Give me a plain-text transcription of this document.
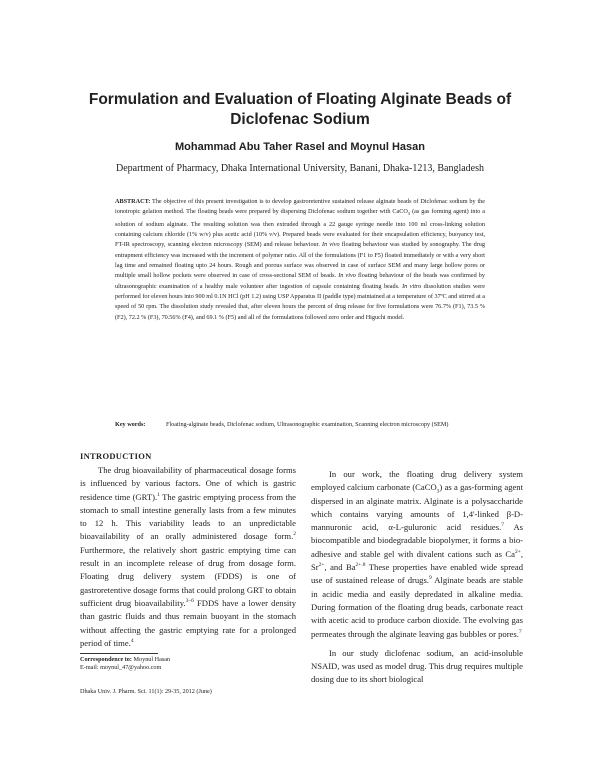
Formulation and Evaluation of Floating Alginate Beads of
Diclofenac Sodium
Mohammad Abu Taher Rasel and Moynul Hasan
Department of Pharmacy, Dhaka International University, Banani, Dhaka-1213, Bangladesh
ABSTRACT: The objective of this present investigation is to develop gastroretentive sustained release alginate beads of Diclofenac sodium by the ionotropic gelation method. The floating beads were prepared by dispersing Diclofenac sodium together with CaCO$_3$ (as gas forming agent) into a solution of sodium alginate. The resulting solution was then extruded through a 22 gauge syringe needle into 100 ml cross-linking solution containing calcium chloride (1% w/v) plus acetic acid (10% v/v). Prepared beads were evaluated for their encapsulation efficiency, buoyancy test, FT-IR spectroscopy, scanning electron microscopy (SEM) and release behaviour. In vivo floating behaviour was studied by sonography. The drug entrapment efficiency was increased with the increment of polymer ratio. All of the formulations (F1 to F5) floated immediately or with a very short lag time and remained floating upto 24 hours. Rough and porous surface was observed in case of surface SEM and many large hollow pores or multiple small hollow pockets were observed in case of cross-sectional SEM of beads. In vivo floating behaviour of the beads was confirmed by ultrasonographic examination of a healthy male volunteer after ingestion of capsule containing floating beads. In vitro dissolution studies were performed for eleven hours into 900 ml 0.1N HCl (pH 1.2) using USP Apparatus II (paddle type) maintained at a temperature of 37ºC and stirred at a speed of 50 rpm. The dissolution study revealed that, after eleven hours the percent of drug release for five formulations were 76.7% (F1), 73.5 % (F2), 72.2 % (F3), 70.56% (F4), and 69.1 % (F5) and all of the formulations followed zero order and Higuchi model.
Key words:	Floating-alginate beads, Diclofenac sodium, Ultrasonographic examination, Scanning electron microscopy (SEM)
INTRODUCTION

The drug bioavailability of pharmaceutical dosage forms is influenced by various factors. One of which is gastric residence time (GRT).$^1$ The gastric emptying process from the stomach to small intestine generally lasts from a few minutes to 12 h. This variability leads to an unpredictable bioavailability of an orally administered dosage form.$^2$ Furthermore, the relatively short gastric emptying time can result in an incomplete release of drug from dosage form. Floating drug delivery system (FDDS) is one of gastroretentive dosage forms that could prolong GRT to obtain sufficient drug bioavailability.$^{3-6}$ FDDS have a lower density than gastric fluids and thus remain buoyant in the stomach without affecting the gastric emptying rate for a prolonged period of time.$^4$

In our work, the floating drug delivery system employed calcium carbonate (CaCO$_3$) as a gas-forming agent dispersed in an alginate matrix. Alginate is a polysaccharide which contains varying amounts of 1,4'-linked β-D-mannuronic acid, α-L-guluronic acid residues.$^7$ As biocompatible and biodegradable biopolymer, it forms a bio-adhesive and stable gel with divalent cations such as $Ca^{2+}$, $Sr^{2+}$, and $Ba^{2+.8}$ These properties have enabled wide spread use of sustained release of drugs.$^9$ Alginate beads are stable in acidic media and easily depredated in alkaline media. During formation of the floating drug beads, carbonate react with acetic acid to produce carbon dioxide. The evolving gas permeates through the alginate leaving gas bubbles or pores.$^7$

In our study diclofenac sodium, an acid-insoluble NSAID, was used as model drug. This drug requires multiple dosing due to its short biological

Correspondence to: Moynul Hasan
E-mail: moynul_47@yahoo.com
Dhaka Univ. J. Pharm. Sci. 11(1): 29-35, 2012 (June)
